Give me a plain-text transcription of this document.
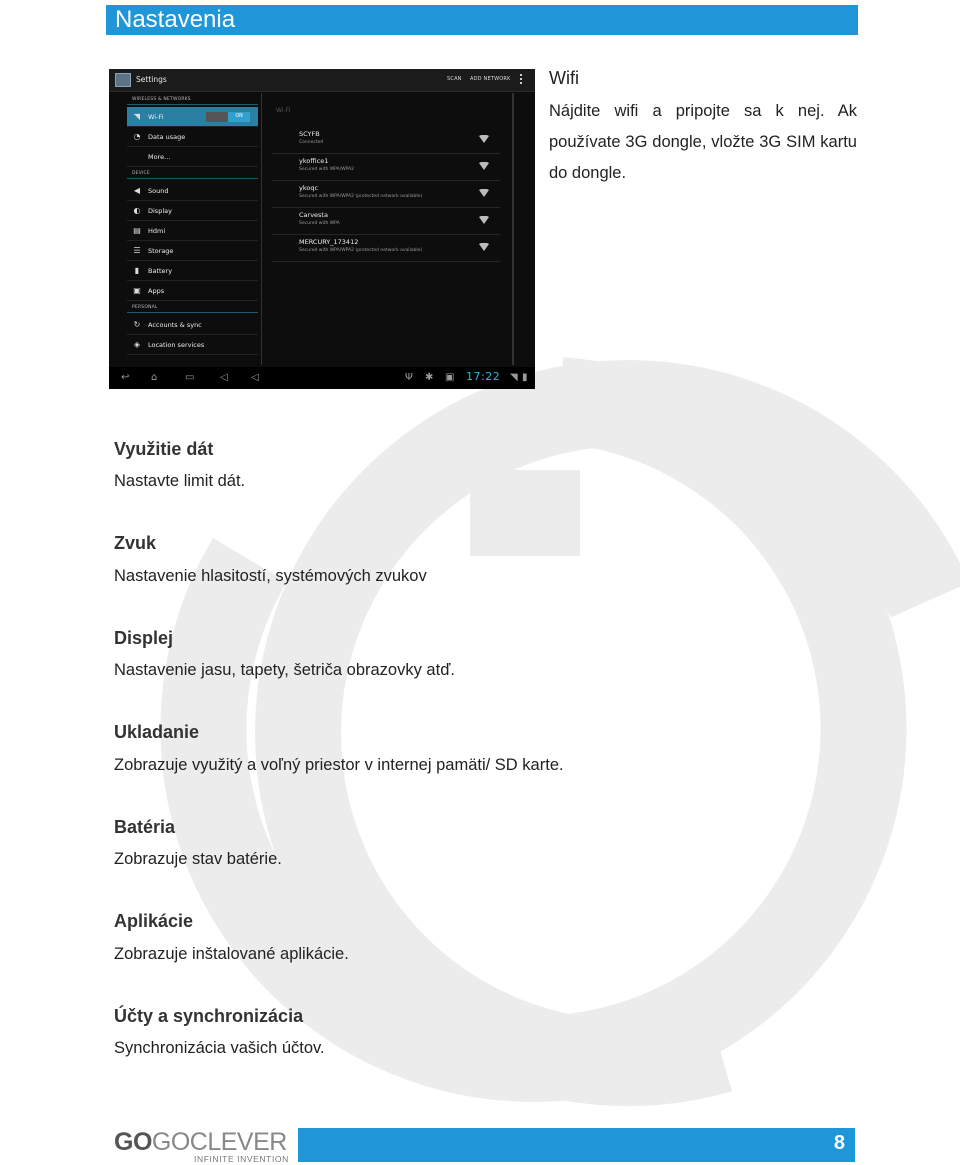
Nastavenia
Settings	SCAN ADD NETWORK
WIRELESS & NETWORKS
◥ Wi-Fi	ON
◔ Data usage
More…
DEVICE
◀ Sound
◐ Display
▤ Hdmi
☰ Storage
▮ Battery
▣ Apps
PERSONAL
↻ Accounts & sync
◈ Location services
Wi-Fi
SCYFB
Connected
ykoffice1
Secured with WPA/WPA2
ykoqc
Secured with WPA/WPA2 (protected network available)
Carvesta
Secured with WPA
MERCURY_173412
Secured with WPA/WPA2 (protected network available)
↩ ⌂	▭	◁ ◁	Ψ ✱ ▣ 17:22 ◥ ▮
Wifi

Nájdite wifi a pripojte sa k nej. Ak používate 3G dongle, vložte 3G SIM kartu do dongle.

Využitie dát
Nastavte limit dát.
Zvuk
Nastavenie hlasitostí, systémových zvukov
Displej
Nastavenie jasu, tapety, šetriča obrazovky atď.
Ukladanie
Zobrazuje využitý a voľný priestor v internej pamäti/ SD karte.
Batéria
Zobrazuje stav batérie.
Aplikácie
Zobrazuje inštalované aplikácie.
Účty a synchronizácia
Synchronizácia vašich účtov.
GOGOCLEVER
INFINITE INVENTION
8
